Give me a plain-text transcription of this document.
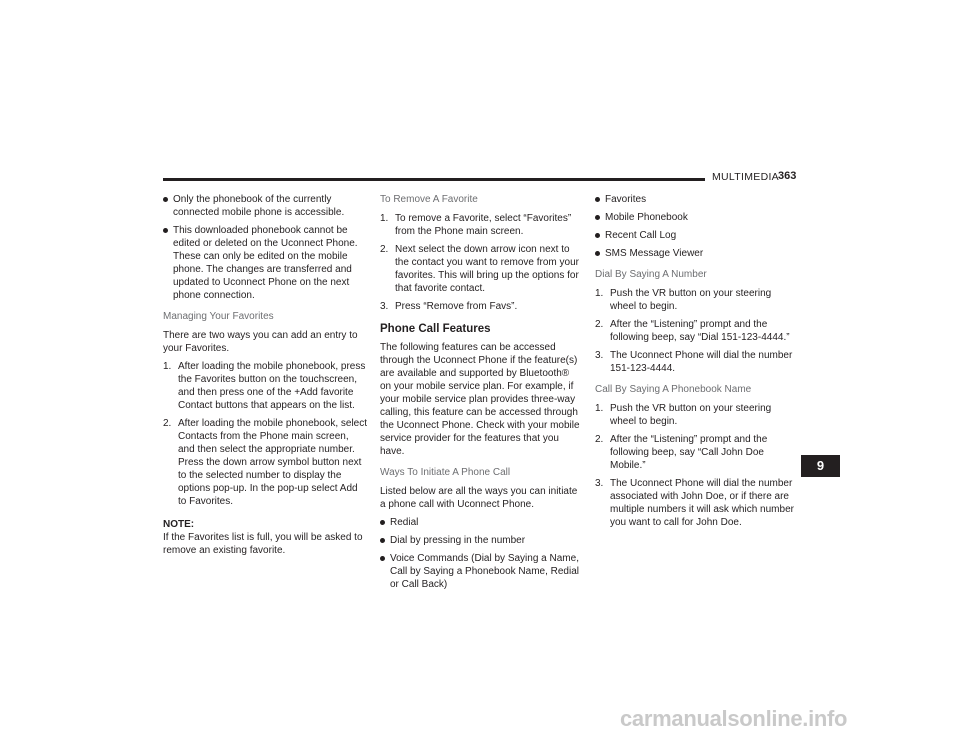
MULTIMEDIA 363
Only the phonebook of the currently connected mobile phone is accessible.
This downloaded phonebook cannot be edited or deleted on the Uconnect Phone. These can only be edited on the mobile phone. The changes are transferred and updated to Uconnect Phone on the next phone connection.
Managing Your Favorites

There are two ways you can add an entry to your Favorites.

1. After loading the mobile phonebook, press the Favorites button on the touchscreen, and then press one of the +Add favorite Contact buttons that appears on the list.
2. After loading the mobile phonebook, select Contacts from the Phone main screen, and then select the appropriate number. Press the down arrow symbol button next to the selected number to display the options pop-up. In the pop-up select Add to Favorites.
NOTE:

If the Favorites list is full, you will be asked to remove an existing favorite.

To Remove A Favorite
1. To remove a Favorite, select “Favorites” from the Phone main screen.
2. Next select the down arrow icon next to the contact you want to remove from your favorites. This will bring up the options for that favorite contact.
3. Press “Remove from Favs”.
Phone Call Features

The following features can be accessed through the Uconnect Phone if the feature(s) are available and supported by Bluetooth® on your mobile service plan. For example, if your mobile service plan provides three-way calling, this feature can be accessed through the Uconnect Phone. Check with your mobile service provider for the features that you have.

Ways To Initiate A Phone Call

Listed below are all the ways you can initiate a phone call with Uconnect Phone.

Redial
Dial by pressing in the number
Voice Commands (Dial by Saying a Name, Call by Saying a Phonebook Name, Redial or Call Back)
Favorites
Mobile Phonebook
Recent Call Log
SMS Message Viewer
Dial By Saying A Number
1. Push the VR button on your steering wheel to begin.
2. After the “Listening” prompt and the following beep, say “Dial 151-123-4444.”
3. The Uconnect Phone will dial the number 151-123-4444.
Call By Saying A Phonebook Name
1. Push the VR button on your steering wheel to begin.
2. After the “Listening” prompt and the following beep, say “Call John Doe Mobile.”
3. The Uconnect Phone will dial the number associated with John Doe, or if there are multiple numbers it will ask which number you want to call for John Doe.
9
carmanualsonline.info
